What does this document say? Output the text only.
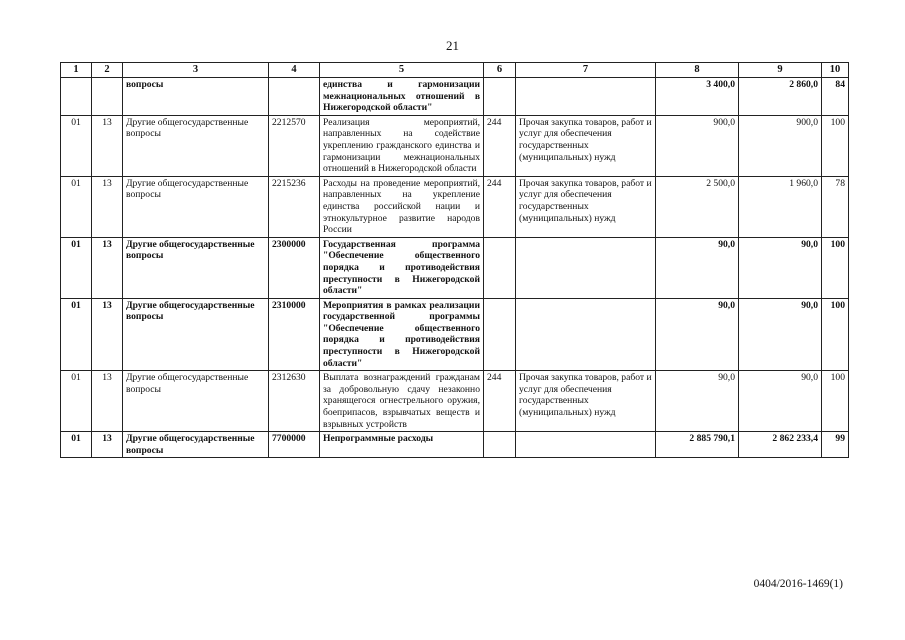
21
1	2	3	4	5	6	7	8	9	10
		вопросы		единства и гармонизации межнациональных отношений в Нижегородской области"			3 400,0	2 860,0	84
01	13	Другие общегосударственные вопросы	2212570	Реализация мероприятий, направленных на содействие укреплению гражданского единства и гармонизации межнациональных отношений в Нижегородской области	244	Прочая закупка товаров, работ и услуг для обеспечения государственных (муниципальных) нужд	900,0	900,0	100
01	13	Другие общегосударственные вопросы	2215236	Расходы на проведение мероприятий, направленных на укрепление единства российской нации и этнокультурное развитие народов России	244	Прочая закупка товаров, работ и услуг для обеспечения государственных (муниципальных) нужд	2 500,0	1 960,0	78
01	13	Другие общегосударственные вопросы	2300000	Государственная программа "Обеспечение общественного порядка и противодействия преступности в Нижегородской области"			90,0	90,0	100
01	13	Другие общегосударственные вопросы	2310000	Мероприятия в рамках реализации государственной программы "Обеспечение общественного порядка и противодействия преступности в Нижегородской области"			90,0	90,0	100
01	13	Другие общегосударственные вопросы	2312630	Выплата вознаграждений гражданам за добровольную сдачу незаконно хранящегося огнестрельного оружия, боеприпасов, взрывчатых веществ и взрывных устройств	244	Прочая закупка товаров, работ и услуг для обеспечения государственных (муниципальных) нужд	90,0	90,0	100
01	13	Другие общегосударственные вопросы	7700000	Непрограммные расходы			2 885 790,1	2 862 233,4	99
0404/2016-1469(1)
